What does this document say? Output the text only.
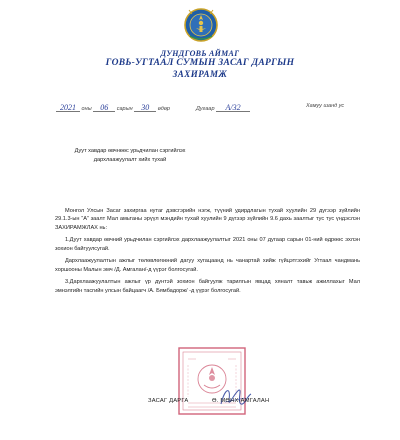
ДУНДГОВЬ АЙМАГ
ГОВЬ-УГТААЛ СУМЫН ЗАСАГ ДАРГЫН
ЗАХИРАМЖ
2021 оны 06 сарын 30 өдөр	Дугаар А/32	Хамуу шанд ус
Дуут хавдар өвчнөөс урьдчилан сэргийлэх
дархлаажуулалт хийх тухай

Монгол Улсын Засаг захиргаа нутаг дэвсгэрийн нэгж, түүний удирдлагын тухай хуулийн 29 дүгээр зүйлийн 29.1.3-ын “А” заалт Мал амьтаны эрүүл мэндийн тухай хуулийн 9 дүгээр зүйлийн 9.6 дахь заалтыг тус тус үндэслэн ЗАХИРАМЖЛАХ нь:

1.Дуут хавдар өвчний урьдчилан сэргийлэх дархлаажуулалтыг 2021 оны 07 дугаар сарын 01-ний өдрөөс эхлэн зохион байгуулсугай.

Дархлаажуулалтын ажлыг төлөвлөгөөний дагуу хугацаанд нь чанартай хийж гүйцэтгэхийг Угтаал чандмань хоршооны Малын эмч /Д. Амгалан/-д үүрэг болгосугай.

3.Дархлаажуулалтын ажлыг үр дүнтэй зохион байгуулж тарилгын явцад хяналт тавьж ажиллахыг Мал эмнэлгийн тасгийн улсын байцаагч /А. Бямбадорж/ -д үүрэг болгосугай.

ЗАСАГ ДАРГА	Ө. МӨНХ-АМГАЛАН
